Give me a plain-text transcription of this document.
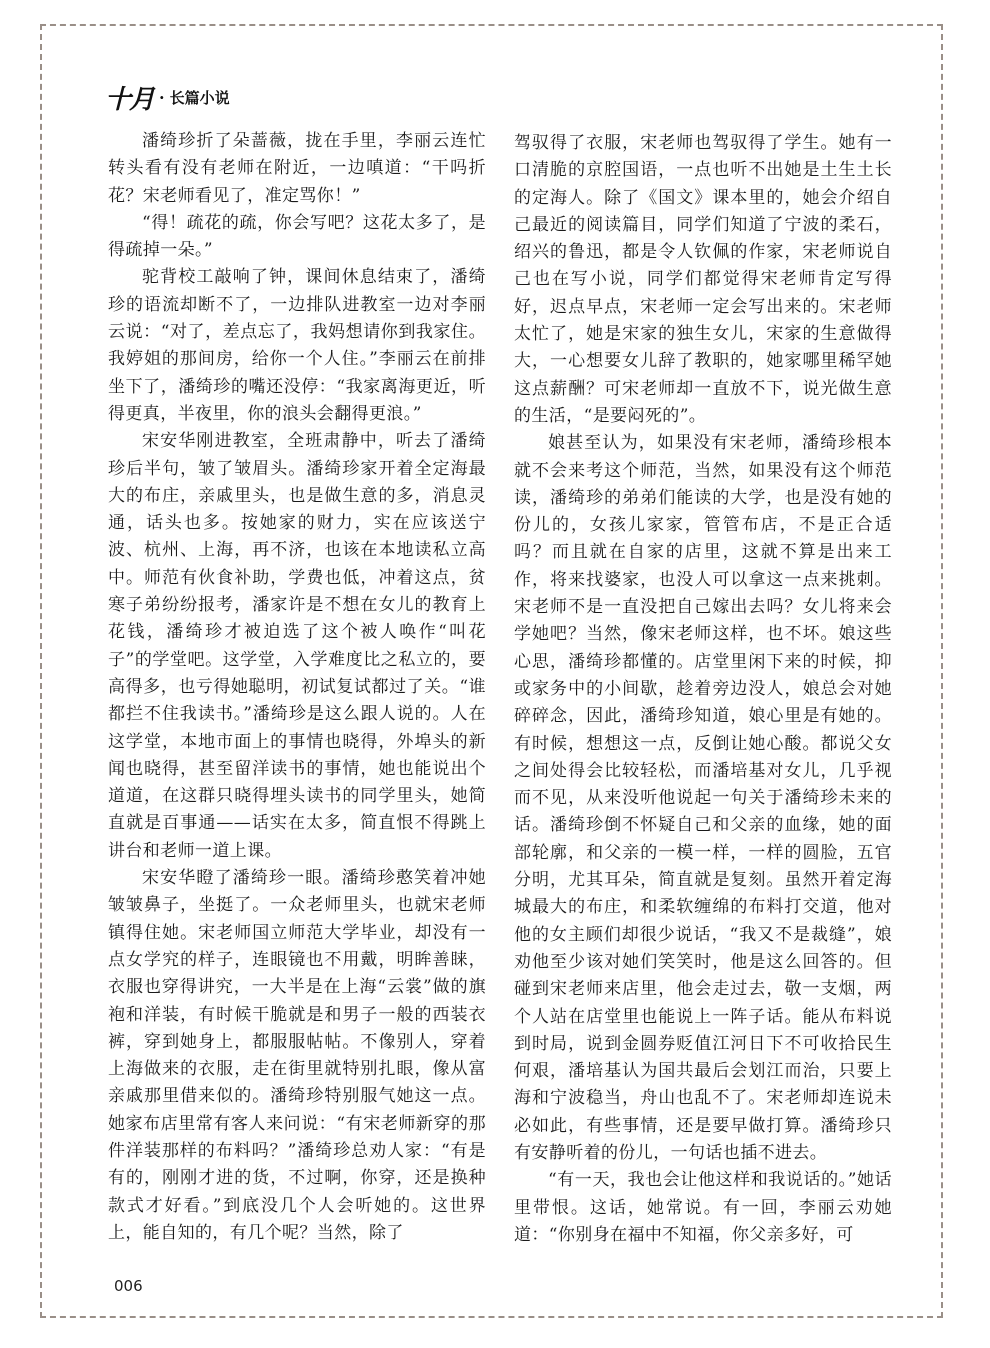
十月 · 长篇小说

潘绮珍折了朵蔷薇，拢在手里，李丽云连忙转头看有没有老师在附近，一边嗔道：“干吗折花？宋老师看见了，准定骂你！”

“得！疏花的疏，你会写吧？这花太多了，是得疏掉一朵。”

驼背校工敲响了钟，课间休息结束了，潘绮珍的语流却断不了，一边排队进教室一边对李丽云说：“对了，差点忘了，我妈想请你到我家住。我婷姐的那间房，给你一个人住。”李丽云在前排坐下了，潘绮珍的嘴还没停：“我家离海更近，听得更真，半夜里，你的浪头会翻得更浪。”

宋安华刚进教室，全班肃静中，听去了潘绮珍后半句，皱了皱眉头。潘绮珍家开着全定海最大的布庄，亲戚里头，也是做生意的多，消息灵通，话头也多。按她家的财力，实在应该送宁波、杭州、上海，再不济，也该在本地读私立高中。师范有伙食补助，学费也低，冲着这点，贫寒子弟纷纷报考，潘家许是不想在女儿的教育上花钱，潘绮珍才被迫选了这个被人唤作“叫花子”的学堂吧。这学堂，入学难度比之私立的，要高得多，也亏得她聪明，初试复试都过了关。“谁都拦不住我读书。”潘绮珍是这么跟人说的。人在这学堂，本地市面上的事情也晓得，外埠头的新闻也晓得，甚至留洋读书的事情，她也能说出个道道，在这群只晓得埋头读书的同学里头，她简直就是百事通——话实在太多，简直恨不得跳上讲台和老师一道上课。

宋安华瞪了潘绮珍一眼。潘绮珍憨笑着冲她皱皱鼻子，坐挺了。一众老师里头，也就宋老师镇得住她。宋老师国立师范大学毕业，却没有一点女学究的样子，连眼镜也不用戴，明眸善睐，衣服也穿得讲究，一大半是在上海“云裳”做的旗袍和洋装，有时候干脆就是和男子一般的西装衣裤，穿到她身上，都服服帖帖。不像别人，穿着上海做来的衣服，走在街里就特别扎眼，像从富亲戚那里借来似的。潘绮珍特别服气她这一点。她家布店里常有客人来问说：“有宋老师新穿的那件洋装那样的布料吗？”潘绮珍总劝人家：“有是有的，刚刚才进的货，不过啊，你穿，还是换种款式才好看。”到底没几个人会听她的。这世界上，能自知的，有几个呢？当然，除了

驾驭得了衣服，宋老师也驾驭得了学生。她有一口清脆的京腔国语，一点也听不出她是土生土长的定海人。除了《国文》课本里的，她会介绍自己最近的阅读篇目，同学们知道了宁波的柔石，绍兴的鲁迅，都是令人钦佩的作家，宋老师说自己也在写小说，同学们都觉得宋老师肯定写得好，迟点早点，宋老师一定会写出来的。宋老师太忙了，她是宋家的独生女儿，宋家的生意做得大，一心想要女儿辞了教职的，她家哪里稀罕她这点薪酬？可宋老师却一直放不下，说光做生意的生活，“是要闷死的”。

娘甚至认为，如果没有宋老师，潘绮珍根本就不会来考这个师范，当然，如果没有这个师范读，潘绮珍的弟弟们能读的大学，也是没有她的份儿的，女孩儿家家，管管布店，不是正合适吗？而且就在自家的店里，这就不算是出来工作，将来找婆家，也没人可以拿这一点来挑刺。宋老师不是一直没把自己嫁出去吗？女儿将来会学她吧？当然，像宋老师这样，也不坏。娘这些心思，潘绮珍都懂的。店堂里闲下来的时候，抑或家务中的小间歇，趁着旁边没人，娘总会对她碎碎念，因此，潘绮珍知道，娘心里是有她的。有时候，想想这一点，反倒让她心酸。都说父女之间处得会比较轻松，而潘培基对女儿，几乎视而不见，从来没听他说起一句关于潘绮珍未来的话。潘绮珍倒不怀疑自己和父亲的血缘，她的面部轮廓，和父亲的一模一样，一样的圆脸，五官分明，尤其耳朵，简直就是复刻。虽然开着定海城最大的布庄，和柔软缠绵的布料打交道，他对他的女主顾们却很少说话，“我又不是裁缝”，娘劝他至少该对她们笑笑时，他是这么回答的。但碰到宋老师来店里，他会走过去，敬一支烟，两个人站在店堂里也能说上一阵子话。能从布料说到时局，说到金圆券贬值江河日下不可收拾民生何艰，潘培基认为国共最后会划江而治，只要上海和宁波稳当，舟山也乱不了。宋老师却连说未必如此，有些事情，还是要早做打算。潘绮珍只有安静听着的份儿，一句话也插不进去。

“有一天，我也会让他这样和我说话的。”她话里带恨。这话，她常说。有一回，李丽云劝她道：“你别身在福中不知福，你父亲多好，可

006
